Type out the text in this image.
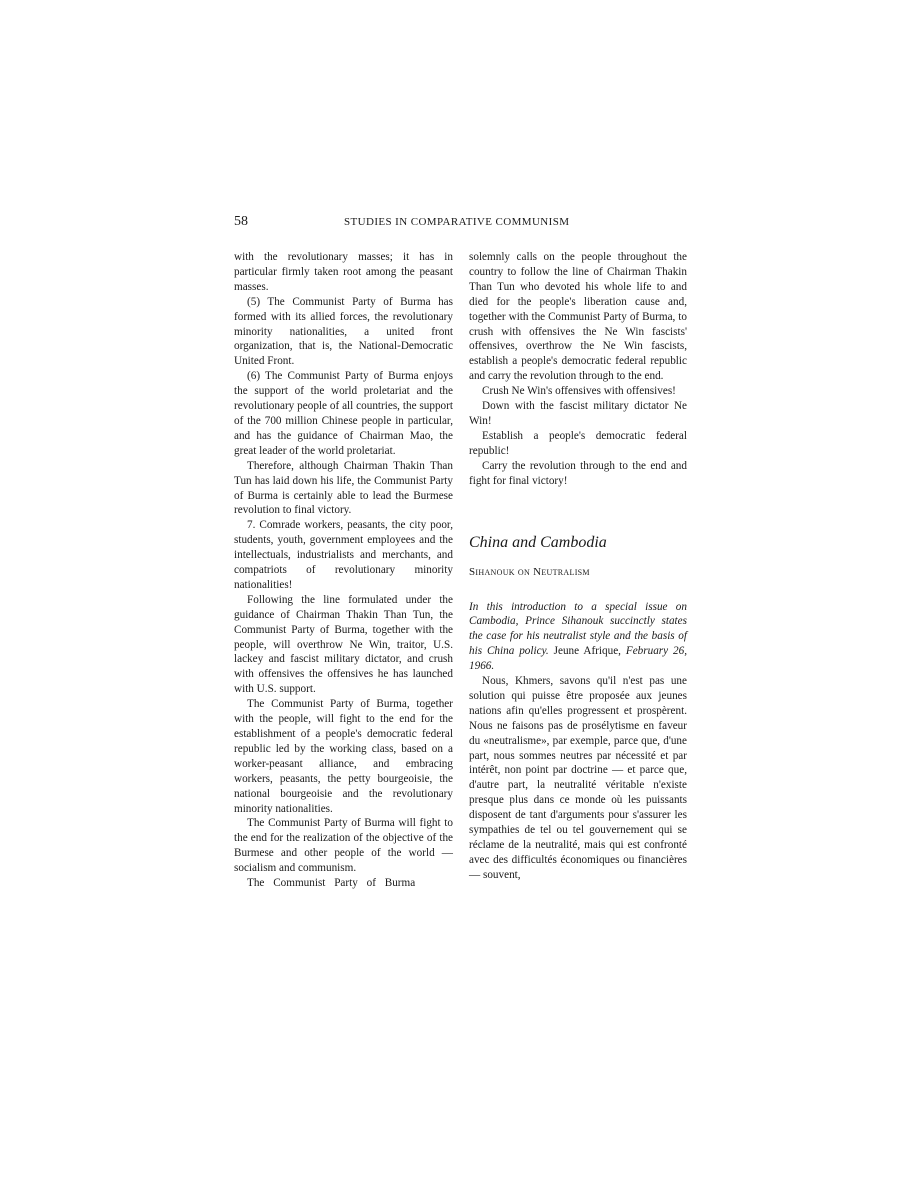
58	STUDIES IN COMPARATIVE COMMUNISM

with the revolutionary masses; it has in particular firmly taken root among the peasant masses.

(5) The Communist Party of Burma has formed with its allied forces, the revolutionary minority nationalities, a united front organization, that is, the National-Democratic United Front.

(6) The Communist Party of Burma enjoys the support of the world proletariat and the revolutionary people of all countries, the support of the 700 million Chinese people in particular, and has the guidance of Chairman Mao, the great leader of the world proletariat.

Therefore, although Chairman Thakin Than Tun has laid down his life, the Communist Party of Burma is certainly able to lead the Burmese revolution to final victory.

7. Comrade workers, peasants, the city poor, students, youth, government employees and the intellectuals, industrialists and merchants, and compatriots of revolutionary minority nationalities!

Following the line formulated under the guidance of Chairman Thakin Than Tun, the Communist Party of Burma, together with the people, will overthrow Ne Win, traitor, U.S. lackey and fascist military dictator, and crush with offensives the offensives he has launched with U.S. support.

The Communist Party of Burma, together with the people, will fight to the end for the establishment of a people's democratic federal republic led by the working class, based on a worker-peasant alliance, and embracing workers, peasants, the petty bourgeoisie, the national bourgeoisie and the revolutionary minority nationalities.

The Communist Party of Burma will fight to the end for the realization of the objective of the Burmese and other people of the world — socialism and communism.

The Communist Party of Burma

solemnly calls on the people throughout the country to follow the line of Chairman Thakin Than Tun who devoted his whole life to and died for the people's liberation cause and, together with the Communist Party of Burma, to crush with offensives the Ne Win fascists' offensives, overthrow the Ne Win fascists, establish a people's democratic federal republic and carry the revolution through to the end.

Crush Ne Win's offensives with offensives!

Down with the fascist military dictator Ne Win!

Establish a people's democratic federal republic!

Carry the revolution through to the end and fight for final victory!

China and Cambodia
Sihanouk on Neutralism

In this introduction to a special issue on Cambodia, Prince Sihanouk succinctly states the case for his neutralist style and the basis of his China policy. Jeune Afrique, February 26, 1966.

Nous, Khmers, savons qu'il n'est pas une solution qui puisse être proposée aux jeunes nations afin qu'elles progressent et prospèrent. Nous ne faisons pas de prosélytisme en faveur du «neutralisme», par exemple, parce que, d'une part, nous sommes neutres par nécessité et par intérêt, non point par doctrine — et parce que, d'autre part, la neutralité véritable n'existe presque plus dans ce monde où les puissants disposent de tant d'arguments pour s'assurer les sympathies de tel ou tel gouvernement qui se réclame de la neutralité, mais qui est confronté avec des difficultés économiques ou financières — souvent,
